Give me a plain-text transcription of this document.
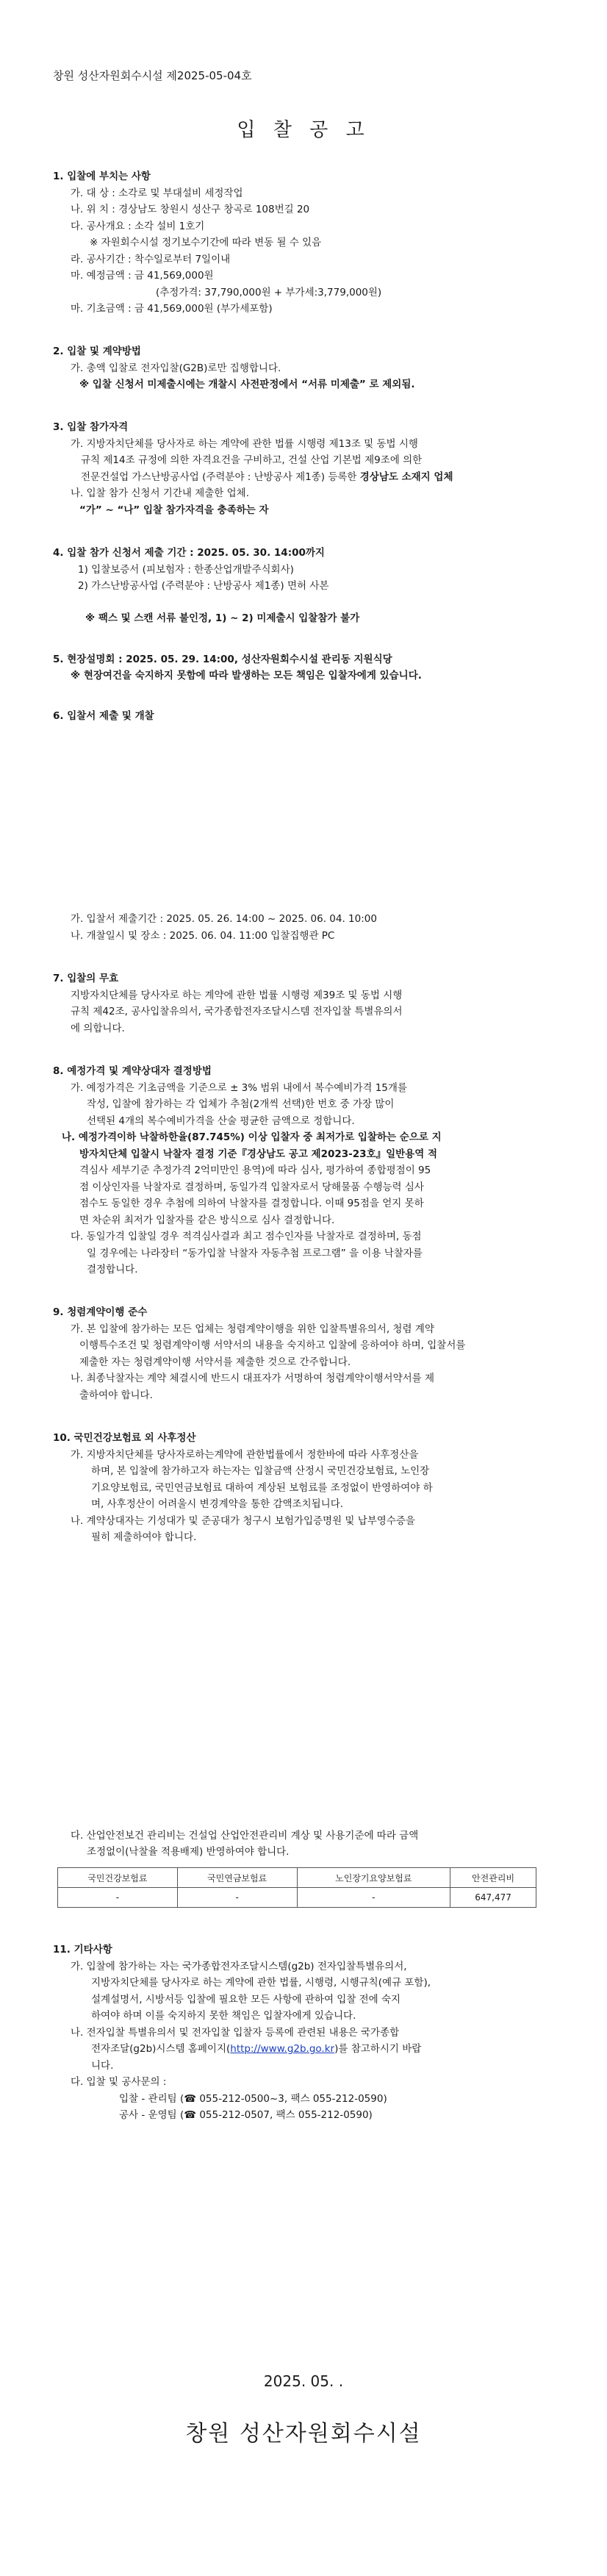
창원 성산자원회수시설 제2025-05-04호
입 찰 공 고
1. 입찰에 부치는 사항
가. 대 상 : 소각로 및 부대설비 세정작업
나. 위 치 : 경상남도 창원시 성산구 창곡로 108번길 20
다. 공사개요 : 소각 설비 1호기
※ 자원회수시설 정기보수기간에 따라 변동 될 수 있음
라. 공사기간 : 착수일로부터 7일이내
마. 예정금액 : 금 41,569,000원
(추정가격: 37,790,000원 + 부가세:3,779,000원)
마. 기초금액 : 금 41,569,000원 (부가세포함)
2. 입찰 및 계약방법
가. 총액 입찰로 전자입찰(G2B)로만 집행합니다.
※ 입찰 신청서 미제출시에는 개찰시 사전판정에서 “서류 미제출” 로 제외됨.
3. 입찰 참가자격
가. 지방자치단체를 당사자로 하는 계약에 관한 법률 시행령 제13조 및 동법 시행
규칙 제14조 규정에 의한 자격요건을 구비하고, 건설 산업 기본법 제9조에 의한
전문건설업 가스난방공사업 (주력분야 : 난방공사 제1종) 등록한 경상남도 소재지 업체
나. 입찰 참가 신청서 기간내 제출한 업체.
“가” ~ “나” 입찰 참가자격을 충족하는 자
4. 입찰 참가 신청서 제출 기간 : 2025. 05. 30. 14:00까지
1) 입찰보증서 (피보험자 : 한종산업개발주식회사)
2) 가스난방공사업 (주력분야 : 난방공사 제1종) 면허 사본
※ 팩스 및 스캔 서류 불인정, 1) ~ 2) 미제출시 입찰참가 불가
5. 현장설명회 : 2025. 05. 29. 14:00, 성산자원회수시설 관리동 지원식당
※ 현장여건을 숙지하지 못함에 따라 발생하는 모든 책임은 입찰자에게 있습니다.
6. 입찰서 제출 및 개찰
가. 입찰서 제출기간 : 2025. 05. 26. 14:00 ~ 2025. 06. 04. 10:00
나. 개찰일시 및 장소 : 2025. 06. 04. 11:00 입찰집행관 PC
7. 입찰의 무효
지방자치단체를 당사자로 하는 계약에 관한 법률 시행령 제39조 및 동법 시행
규칙 제42조, 공사입찰유의서, 국가종합전자조달시스템 전자입찰 특별유의서
에 의합니다.
8. 예정가격 및 계약상대자 결정방법
가. 예정가격은 기초금액을 기준으로 ± 3% 범위 내에서 복수예비가격 15개를
작성, 입찰에 참가하는 각 업체가 추첨(2개씩 선택)한 번호 중 가장 많이
선택된 4개의 복수예비가격을 산술 평균한 금액으로 정합니다.
나. 예정가격이하 낙찰하한율(87.745%) 이상 입찰자 중 최저가로 입찰하는 순으로 지
방자치단체 입찰시 낙찰자 결정 기준『경상남도 공고 제2023-23호』일반용역 적
격심사 세부기준 추정가격 2억미만인 용역)에 따라 심사, 평가하여 종합평점이 95
점 이상인자를 낙찰자로 결정하며, 동일가격 입찰자로서 당해물품 수행능력 심사
점수도 동일한 경우 추첨에 의하여 낙찰자를 결정합니다. 이때 95점을 얻지 못하
면 차순위 최저가 입찰자를 같은 방식으로 심사 결정합니다.
다. 동일가격 입찰일 경우 적격심사결과 최고 점수인자를 낙찰자로 결정하며, 동점
일 경우에는 나라장터 “동가입찰 낙찰자 자동추첨 프로그램” 을 이용 낙찰자를
결정합니다.
9. 청렴계약이행 준수
가. 본 입찰에 참가하는 모든 업체는 청렴계약이행을 위한 입찰특별유의서, 청렴 계약
이행특수조건 및 청렴계약이행 서약서의 내용을 숙지하고 입찰에 응하여야 하며, 입찰서를
제출한 자는 청렴계약이행 서약서를 제출한 것으로 간주합니다.
나. 최종낙찰자는 계약 체결시에 반드시 대표자가 서명하여 청렴계약이행서약서를 제
출하여야 합니다.
10. 국민건강보험료 외 사후정산
가. 지방자치단체를 당사자로하는계약에 관한법률에서 정한바에 따라 사후정산을
하며, 본 입찰에 참가하고자 하는자는 입찰금액 산정시 국민건강보험료, 노인장
기요양보험료, 국민연금보험료 대하여 계상된 보험료를 조정없이 반영하여야 하
며, 사후정산이 어려울시 변경계약을 통한 감액조치됩니다.
나. 계약상대자는 기성대가 및 준공대가 청구시 보험가입증명원 및 납부영수증을
필히 제출하여야 합니다.
다. 산업안전보건 관리비는 건설업 산업안전관리비 계상 및 사용기준에 따라 금액
조정없이(낙찰율 적용배제) 반영하여야 합니다.
국민건강보험료	국민연금보험료	노인장기요양보험료	안전관리비
-	-	-	647,477
11. 기타사항
가. 입찰에 참가하는 자는 국가종합전자조달시스템(g2b) 전자입찰특별유의서,
지방자치단체를 당사자로 하는 계약에 관한 법률, 시행령, 시행규칙(예규 포함),
설계설명서, 시방서등 입찰에 필요한 모든 사항에 관하여 입찰 전에 숙지
하여야 하며 이를 숙지하지 못한 책임은 입찰자에게 있습니다.
나. 전자입찰 특별유의서 및 전자입찰 입찰자 등록에 관련된 내용은 국가종합
전자조달(g2b)시스템 홈페이지(http://www.g2b.go.kr)를 참고하시기 바랍
니다.
다. 입찰 및 공사문의 :
입찰 - 관리팀 (☎ 055-212-0500~3, 팩스 055-212-0590)
공사 - 운영팀 (☎ 055-212-0507, 팩스 055-212-0590)
2025. 05. .
창원 성산자원회수시설
